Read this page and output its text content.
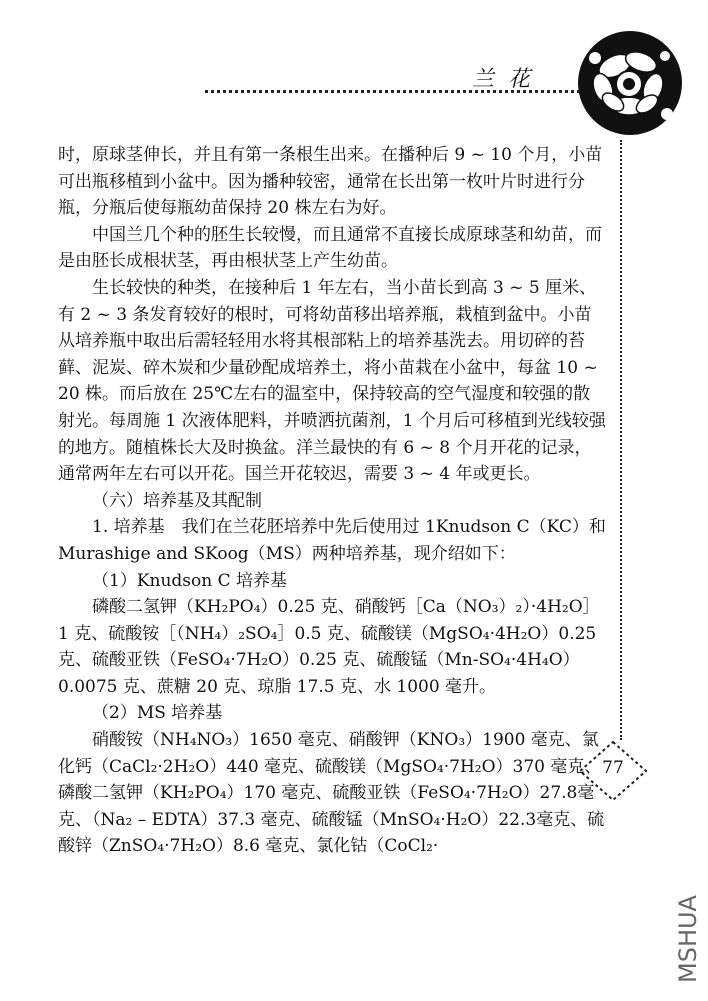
兰花
77

时，原球茎伸长，并且有第一条根生出来。在播种后 9 ~ 10 个月，小苗可出瓶移植到小盆中。因为播种较密，通常在长出第一枚叶片时进行分瓶，分瓶后使每瓶幼苗保持 20 株左右为好。

中国兰几个种的胚生长较慢，而且通常不直接长成原球茎和幼苗，而是由胚长成根状茎，再由根状茎上产生幼苗。

生长较快的种类，在接种后 1 年左右，当小苗长到高 3 ~ 5 厘米、有 2 ~ 3 条发育较好的根时，可将幼苗移出培养瓶，栽植到盆中。小苗从培养瓶中取出后需轻轻用水将其根部粘上的培养基洗去。用切碎的苔藓、泥炭、碎木炭和少量砂配成培养土，将小苗栽在小盆中，每盆 10 ~ 20 株。而后放在 25℃左右的温室中，保持较高的空气湿度和较强的散射光。每周施 1 次液体肥料，并喷洒抗菌剂，1 个月后可移植到光线较强的地方。随植株长大及时换盆。洋兰最快的有 6 ~ 8 个月开花的记录，通常两年左右可以开花。国兰开花较迟，需要 3 ~ 4 年或更长。

（六）培养基及其配制

1. 培养基　我们在兰花胚培养中先后使用过 1Knudson C（KC）和 Murashige and SKoog（MS）两种培养基，现介绍如下：

（1）Knudson C 培养基

磷酸二氢钾（KH₂PO₄）0.25 克、硝酸钙［Ca（NO₃）₂）·4H₂O］1 克、硫酸铵［（NH₄）₂SO₄］0.5 克、硫酸镁（MgSO₄·4H₂O）0.25 克、硫酸亚铁（FeSO₄·7H₂O）0.25 克、硫酸锰（Mn-SO₄·4H₄O）0.0075 克、蔗糖 20 克、琼脂 17.5 克、水 1000 毫升。

（2）MS 培养基

硝酸铵（NH₄NO₃）1650 毫克、硝酸钾（KNO₃）1900 毫克、氯化钙（CaCl₂·2H₂O）440 毫克、硫酸镁（MgSO₄·7H₂O）370 毫克、磷酸二氢钾（KH₂PO₄）170 毫克、硫酸亚铁（FeSO₄·7H₂O）27.8毫克、（Na₂ – EDTA）37.3 毫克、硫酸锰（MnSO₄·H₂O）22.3毫克、硫酸锌（ZnSO₄·7H₂O）8.6 毫克、氯化钴（CoCl₂·

MSHUA
